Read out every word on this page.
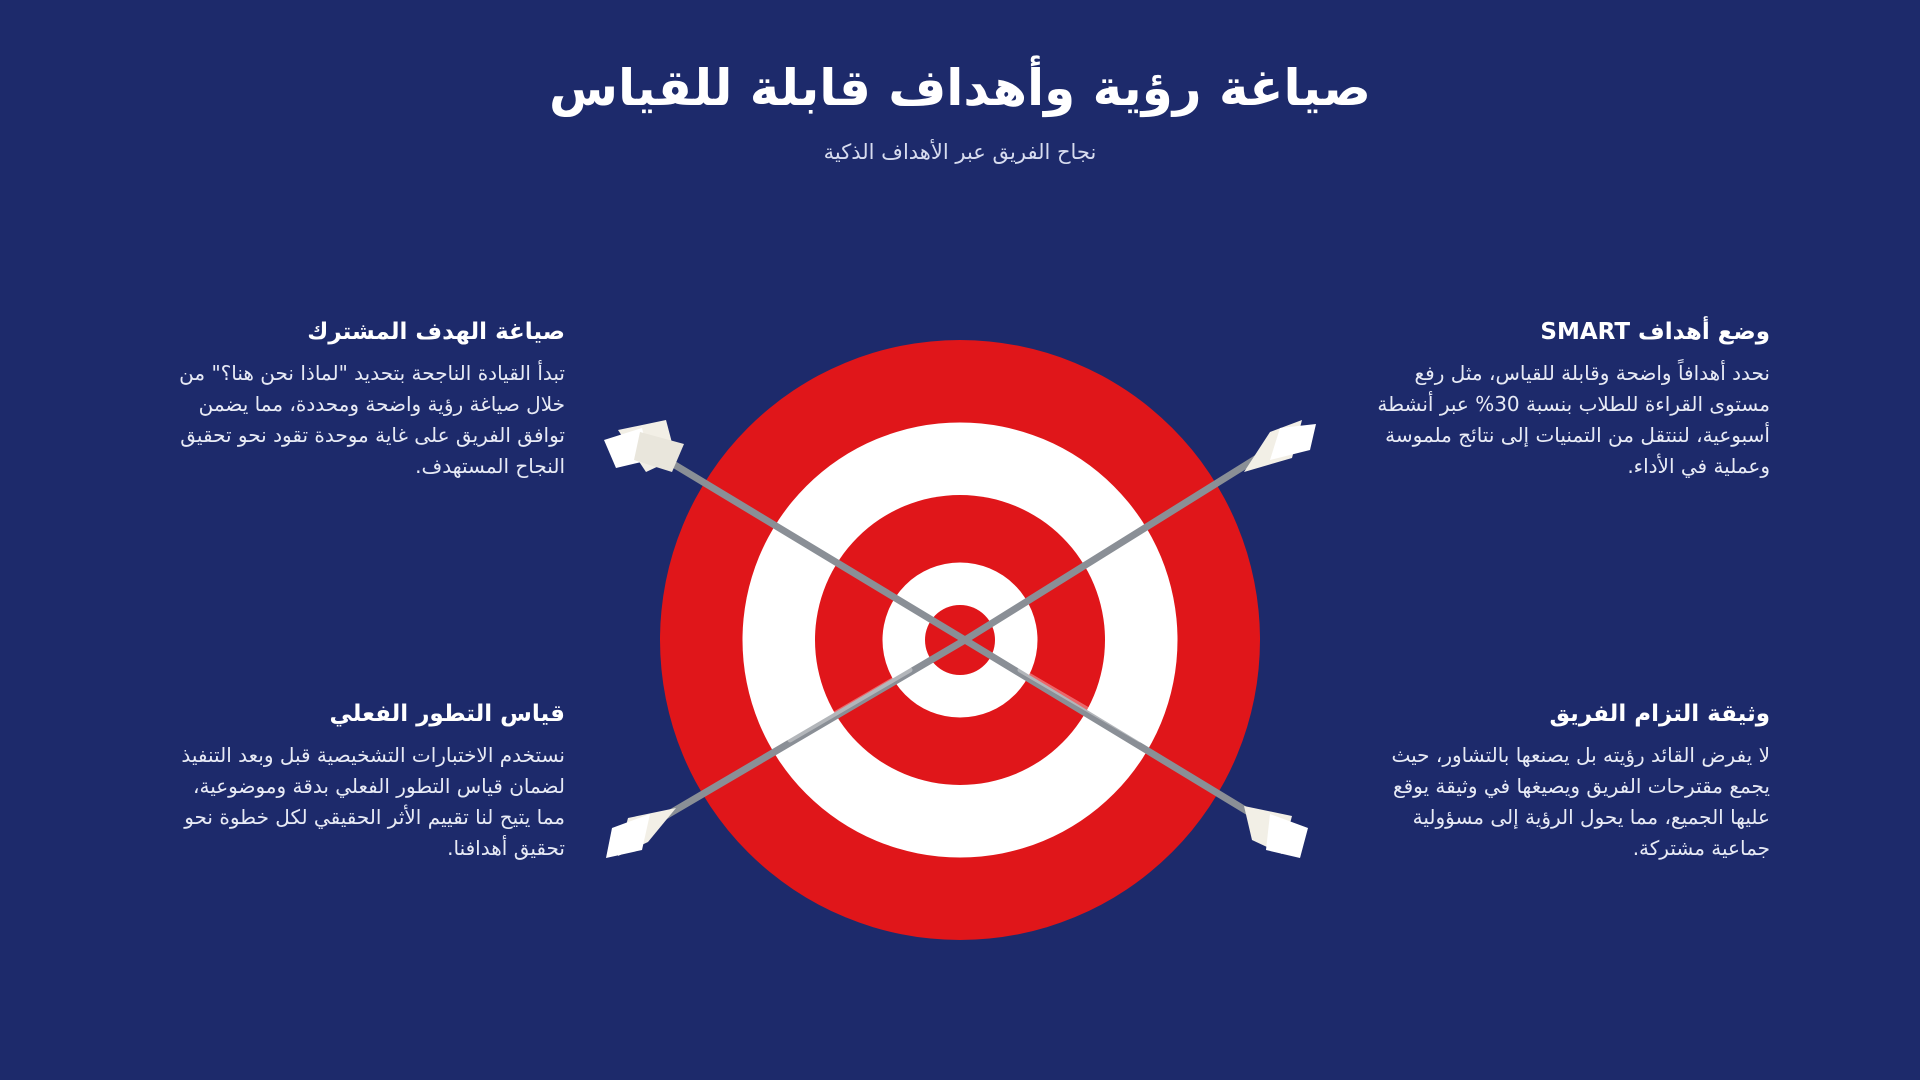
صياغة رؤية وأهداف قابلة للقياس
نجاح الفريق عبر الأهداف الذكية
وضع أهداف SMART

نحدد أهدافاً واضحة وقابلة للقياس، مثل رفع مستوى القراءة للطلاب بنسبة 30% عبر أنشطة أسبوعية، لننتقل من التمنيات إلى نتائج ملموسة وعملية في الأداء.

صياغة الهدف المشترك

تبدأ القيادة الناجحة بتحديد "لماذا نحن هنا؟" من خلال صياغة رؤية واضحة ومحددة، مما يضمن توافق الفريق على غاية موحدة تقود نحو تحقيق النجاح المستهدف.

وثيقة التزام الفريق

لا يفرض القائد رؤيته بل يصنعها بالتشاور، حيث يجمع مقترحات الفريق ويصيغها في وثيقة يوقع عليها الجميع، مما يحول الرؤية إلى مسؤولية جماعية مشتركة.

قياس التطور الفعلي

نستخدم الاختبارات التشخيصية قبل وبعد التنفيذ لضمان قياس التطور الفعلي بدقة وموضوعية، مما يتيح لنا تقييم الأثر الحقيقي لكل خطوة نحو تحقيق أهدافنا.
